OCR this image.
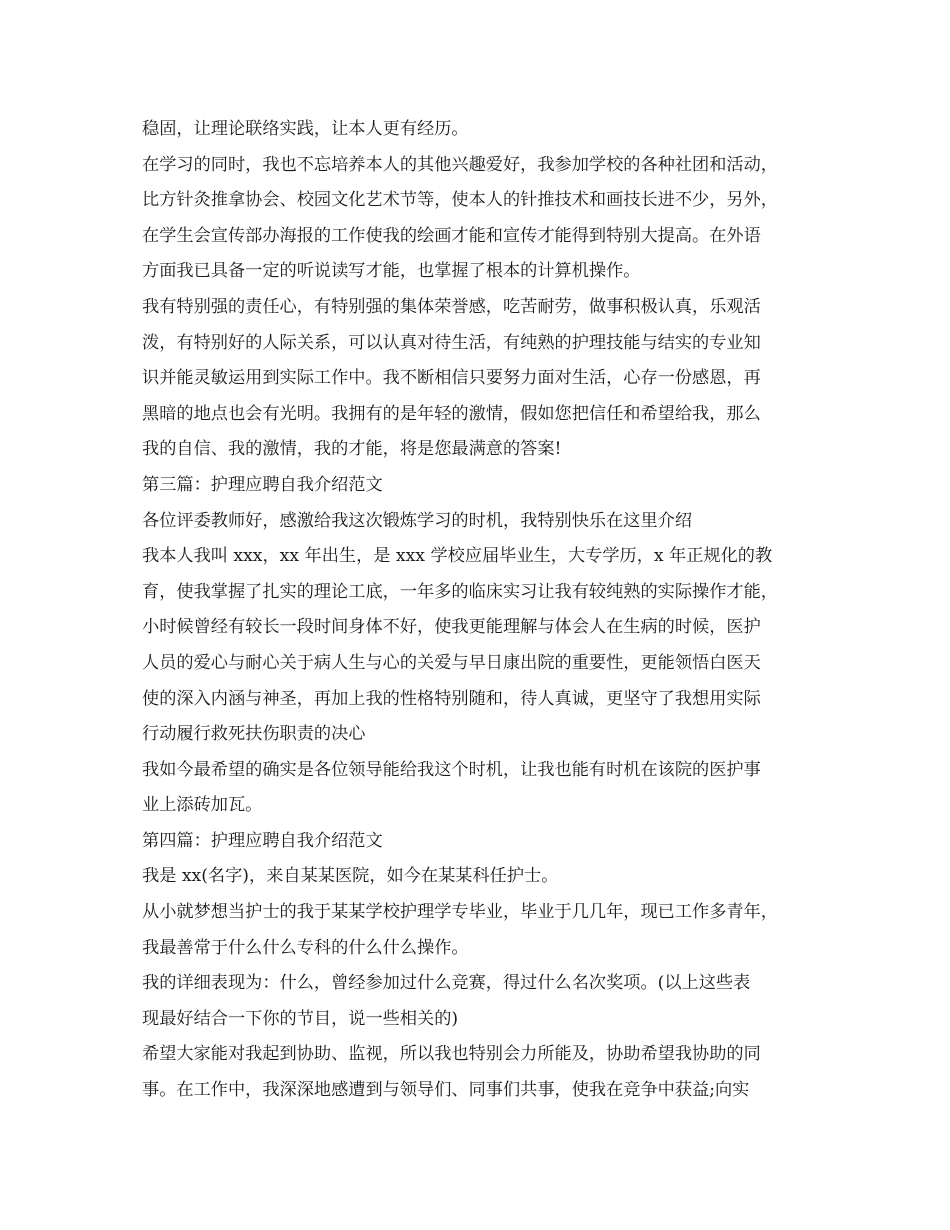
稳固，让理论联络实践，让本人更有经历。
在学习的同时，我也不忘培养本人的其他兴趣爱好，我参加学校的各种社团和活动，
比方针灸推拿协会、校园文化艺术节等，使本人的针推技术和画技长进不少，另外，
在学生会宣传部办海报的工作使我的绘画才能和宣传才能得到特别大提高。在外语
方面我已具备一定的听说读写才能，也掌握了根本的计算机操作。
我有特别强的责任心，有特别强的集体荣誉感，吃苦耐劳，做事积极认真，乐观活
泼，有特别好的人际关系，可以认真对待生活，有纯熟的护理技能与结实的专业知
识并能灵敏运用到实际工作中。我不断相信只要努力面对生活，心存一份感恩，再
黑暗的地点也会有光明。我拥有的是年轻的激情，假如您把信任和希望给我，那么
我的自信、我的激情，我的才能，将是您最满意的答案!
第三篇：护理应聘自我介绍范文
各位评委教师好，感激给我这次锻炼学习的时机，我特别快乐在这里介绍
我本人我叫 xxx，xx 年出生，是 xxx 学校应届毕业生，大专学历，x 年正规化的教
育，使我掌握了扎实的理论工底，一年多的临床实习让我有较纯熟的实际操作才能，
小时候曾经有较长一段时间身体不好，使我更能理解与体会人在生病的时候，医护
人员的爱心与耐心关于病人生与心的关爱与早日康出院的重要性，更能领悟白医天
使的深入内涵与神圣，再加上我的性格特别随和，待人真诚，更坚守了我想用实际
行动履行救死扶伤职责的决心
我如今最希望的确实是各位领导能给我这个时机，让我也能有时机在该院的医护事
业上添砖加瓦。
第四篇：护理应聘自我介绍范文
我是 xx(名字)，来自某某医院，如今在某某科任护士。
从小就梦想当护士的我于某某学校护理学专毕业，毕业于几几年，现已工作多青年，
我最善常于什么什么专科的什么什么操作。
我的详细表现为：什么，曾经参加过什么竞赛，得过什么名次奖项。(以上这些表
现最好结合一下你的节目，说一些相关的)
希望大家能对我起到协助、监视，所以我也特别会力所能及，协助希望我协助的同
事。在工作中，我深深地感遭到与领导们、同事们共事，使我在竞争中获益;向实
